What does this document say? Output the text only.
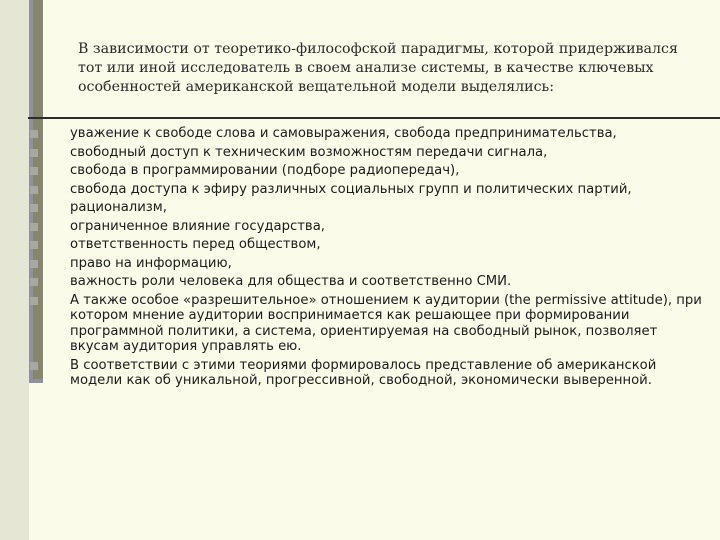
В зависимости от теоретико-философской парадигмы, которой придерживался тот или иной исследователь в своем анализе системы, в качестве ключевых особенностей американской вещательной модели выделялись:

уважение к свободе слова и самовыражения, свобода предпринимательства,
свободный доступ к техническим возможностям передачи сигнала,
свобода в программировании (подборе радиопередач),
свобода доступа к эфиру различных социальных групп и политических партий,
рационализм,
ограниченное влияние государства,
ответственность перед обществом,
право на информацию,
важность роли человека для общества и соответственно СМИ.
А также особое «разрешительное» отношением к аудитории (the permissive attitude), при котором мнение аудитории воспринимается как решающее при формировании программной политики, а система, ориентируемая на свободный рынок, позволяет вкусам аудитория управлять ею.
В соответствии с этими теориями формировалось представление об американской модели как об уникальной, прогрессивной, свободной, экономически выверенной.
